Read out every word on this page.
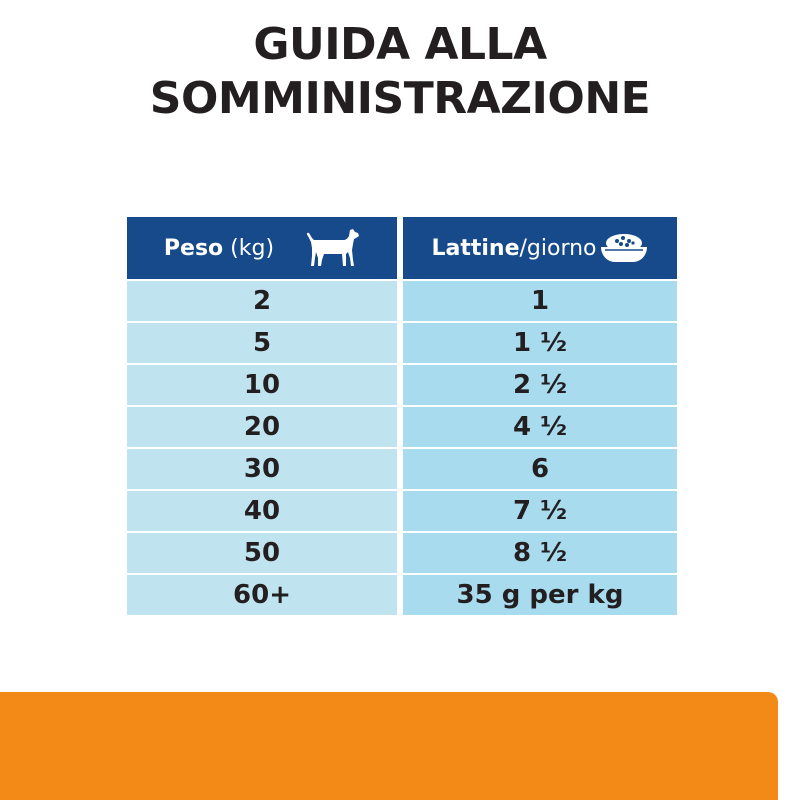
GUIDA ALLA
SOMMINISTRAZIONE
Peso (kg)	Lattine /giorno
2	1
5	1 ½
10	2 ½
20	4 ½
30	6
40	7 ½
50	8 ½
60+	35 g per kg
